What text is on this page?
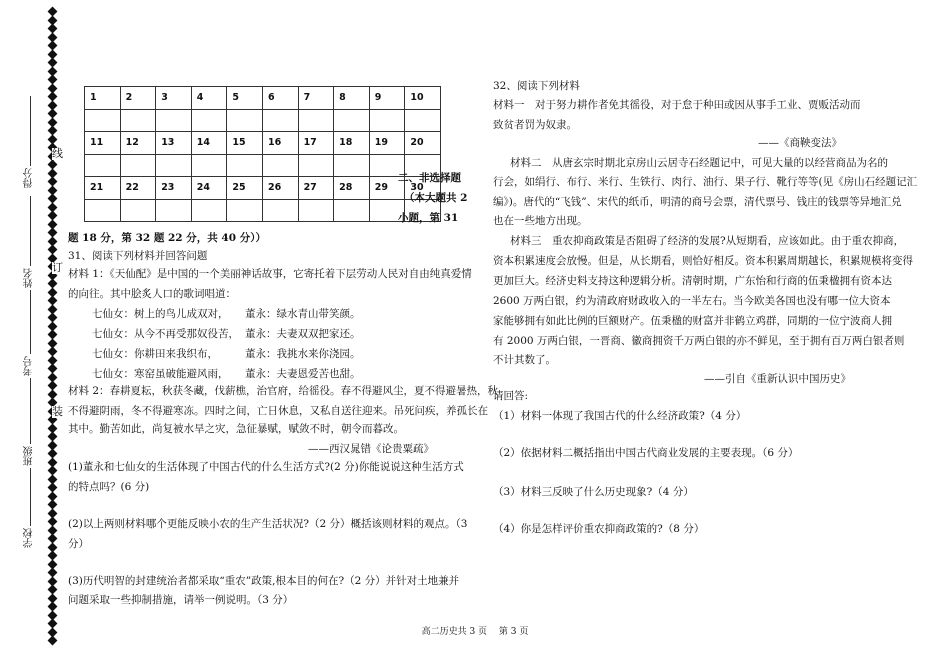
线
订
装
得分
姓名
考号
班级
学校
1	2	3	4	5	6	7	8	9	10

11	12	13	14	15	16	17	18	19	20

21	22	23	24	25	26	27	28	29	30

二、非选择题
（本大题共 2
小题，第 31
题 18 分，第 32 题 22 分，共 40 分））
31、阅读下列材料并回答问题
材料 1：《天仙配》是中国的一个美丽神话故事，它寄托着下层劳动人民对自由纯真爱情
的向往。其中脍炙人口的歌词唱道：
七仙女：树上的鸟儿成双对， 董永：绿水青山带笑颜。
七仙女：从今不再受那奴役苦， 董永：夫妻双双把家还。
七仙女：你耕田来我织布，	董永：我挑水来你浇园。
七仙女：寒窑虽破能避风雨， 董永：夫妻恩爱苦也甜。
材料 2：春耕夏耘，秋获冬藏，伐薪樵，治官府，给徭役。春不得避风尘，夏不得避暑热，秋
不得避阴雨，冬不得避寒冻。四时之间，亡日休息，又私自送往迎来。吊死问疾，养孤长在
其中。勤苦如此，尚复被水旱之灾，急征暴赋，赋敛不时，朝令而暮改。
——西汉晁错《论贵粟疏》
(1)董永和七仙女的生活体现了中国古代的什么生活方式?(2 分)你能说说这种生活方式
的特点吗？(6 分)
(2)以上两则材料哪个更能反映小农的生产生活状况?（2 分）概括该则材料的观点。（3
分）
(3)历代明智的封建统治者都采取“重农”政策,根本目的何在?（2 分）并针对土地兼并
问题采取一些抑制措施，请举一例说明。（3 分）
32、阅读下列材料
材料一　对于努力耕作者免其徭役，对于怠于种田或因从事手工业、贾贩活动而
致贫者罚为奴隶。
——《商鞅变法》
材料二　从唐玄宗时期北京房山云居寺石经题记中，可见大量的以经营商品为名的
行会，如绢行、布行、米行、生铁行、肉行、油行、果子行、靴行等等(见《房山石经题记汇
编》)。唐代的“飞钱”、宋代的纸币，明清的商号会票，清代票号、钱庄的钱票等异地汇兑
也在一些地方出现。
材料三　重农抑商政策是否阻碍了经济的发展?从短期看，应该如此。由于重农抑商，
资本积累速度会放慢。但是，从长期看，则恰好相反。资本积累周期越长，积累规模将变得
更加巨大。经济史料支持这种逻辑分析。清朝时期，广东怡和行商的伍秉楹拥有资本达
2600 万两白银，约为清政府财政收入的一半左右。当今欧美各国也没有哪一位大资本
家能够拥有如此比例的巨额财产。伍秉楹的财富并非鹤立鸡群，同期的一位宁波商人拥
有 2000 万两白银，一晋商、徽商拥资千万两白银的亦不鲜见，至于拥有百万两白银者则
不计其数了。
——引自《重新认识中国历史》
请回答:
（1）材料一体现了我国古代的什么经济政策?（4 分）
（2）依据材料二概括指出中国古代商业发展的主要表现。（6 分）
（3）材料三反映了什么历史现象?（4 分）
（4）你是怎样评价重农抑商政策的?（8 分）
高二历史共 3 页　 第 3 页
